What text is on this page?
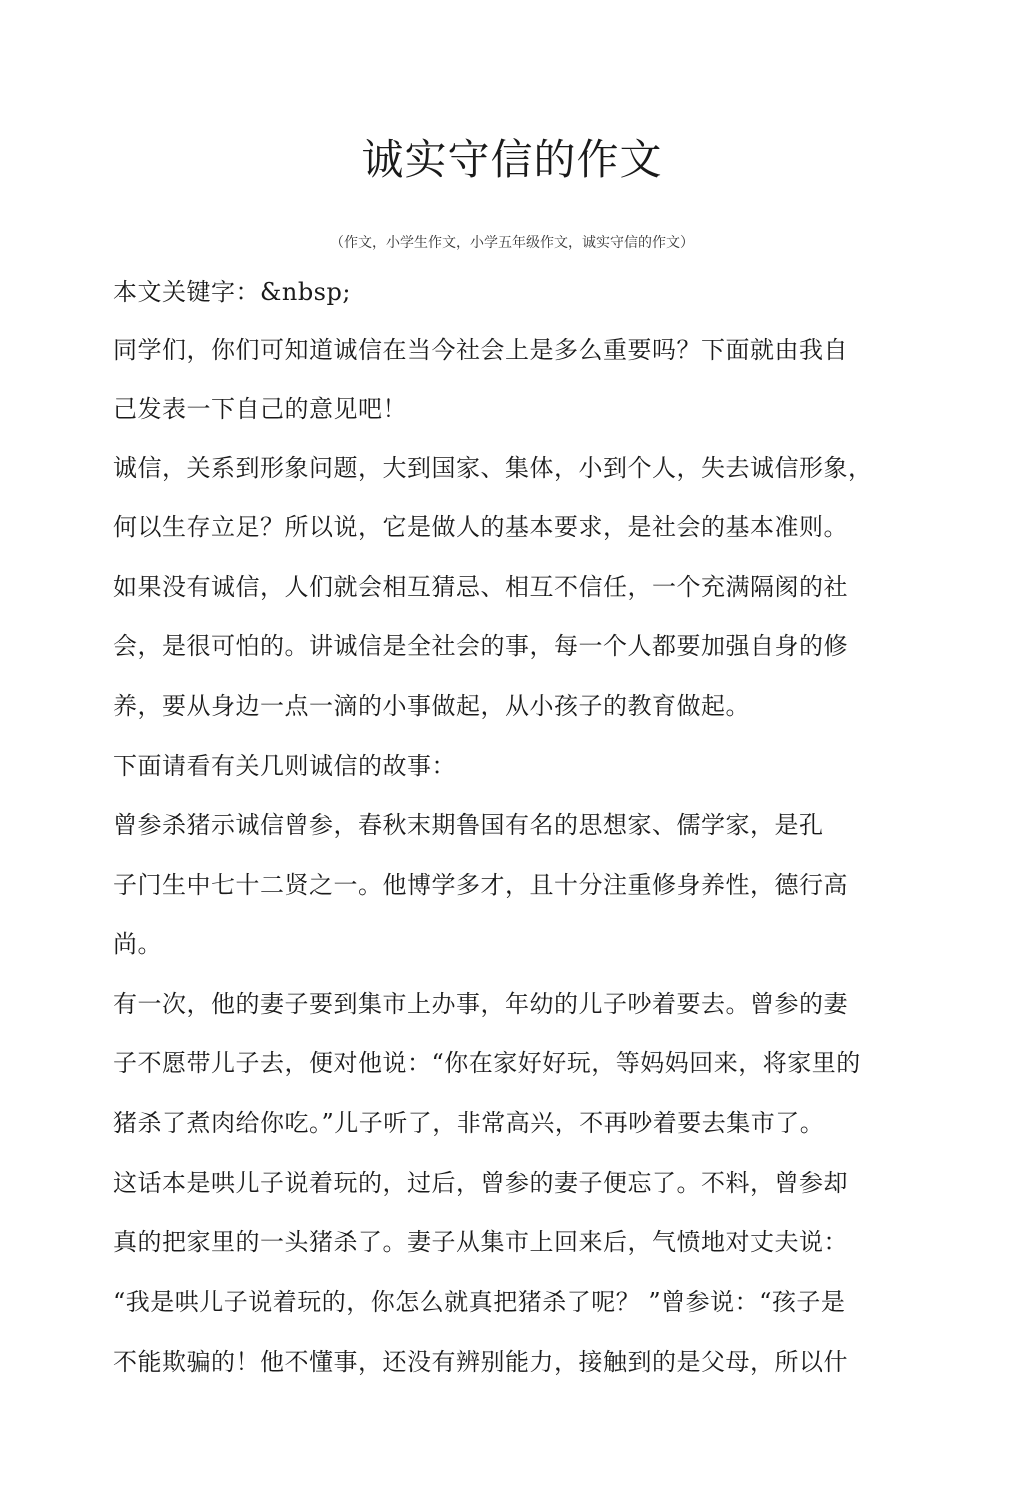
诚实守信的作文
（作文，小学生作文，小学五年级作文，诚实守信的作文）
本文关键字：&nbsp;
同学们，你们可知道诚信在当今社会上是多么重要吗？下面就由我自
己发表一下自己的意见吧！
诚信，关系到形象问题，大到国家、集体，小到个人，失去诚信形象，
何以生存立足？所以说，它是做人的基本要求，是社会的基本准则。
如果没有诚信，人们就会相互猜忌、相互不信任，一个充满隔阂的社
会，是很可怕的。讲诚信是全社会的事，每一个人都要加强自身的修
养，要从身边一点一滴的小事做起，从小孩子的教育做起。
下面请看有关几则诚信的故事：
曾参杀猪示诚信曾参，春秋末期鲁国有名的思想家、儒学家，是孔
子门生中七十二贤之一。他博学多才，且十分注重修身养性，德行高
尚。
有一次，他的妻子要到集市上办事，年幼的儿子吵着要去。曾参的妻
子不愿带儿子去，便对他说：“你在家好好玩，等妈妈回来，将家里的
猪杀了煮肉给你吃。”儿子听了，非常高兴，不再吵着要去集市了。
这话本是哄儿子说着玩的，过后，曾参的妻子便忘了。不料，曾参却
真的把家里的一头猪杀了。妻子从集市上回来后，气愤地对丈夫说：
“我是哄儿子说着玩的，你怎么就真把猪杀了呢？ ”曾参说：“孩子是
不能欺骗的！他不懂事，还没有辨别能力，接触到的是父母，所以什
